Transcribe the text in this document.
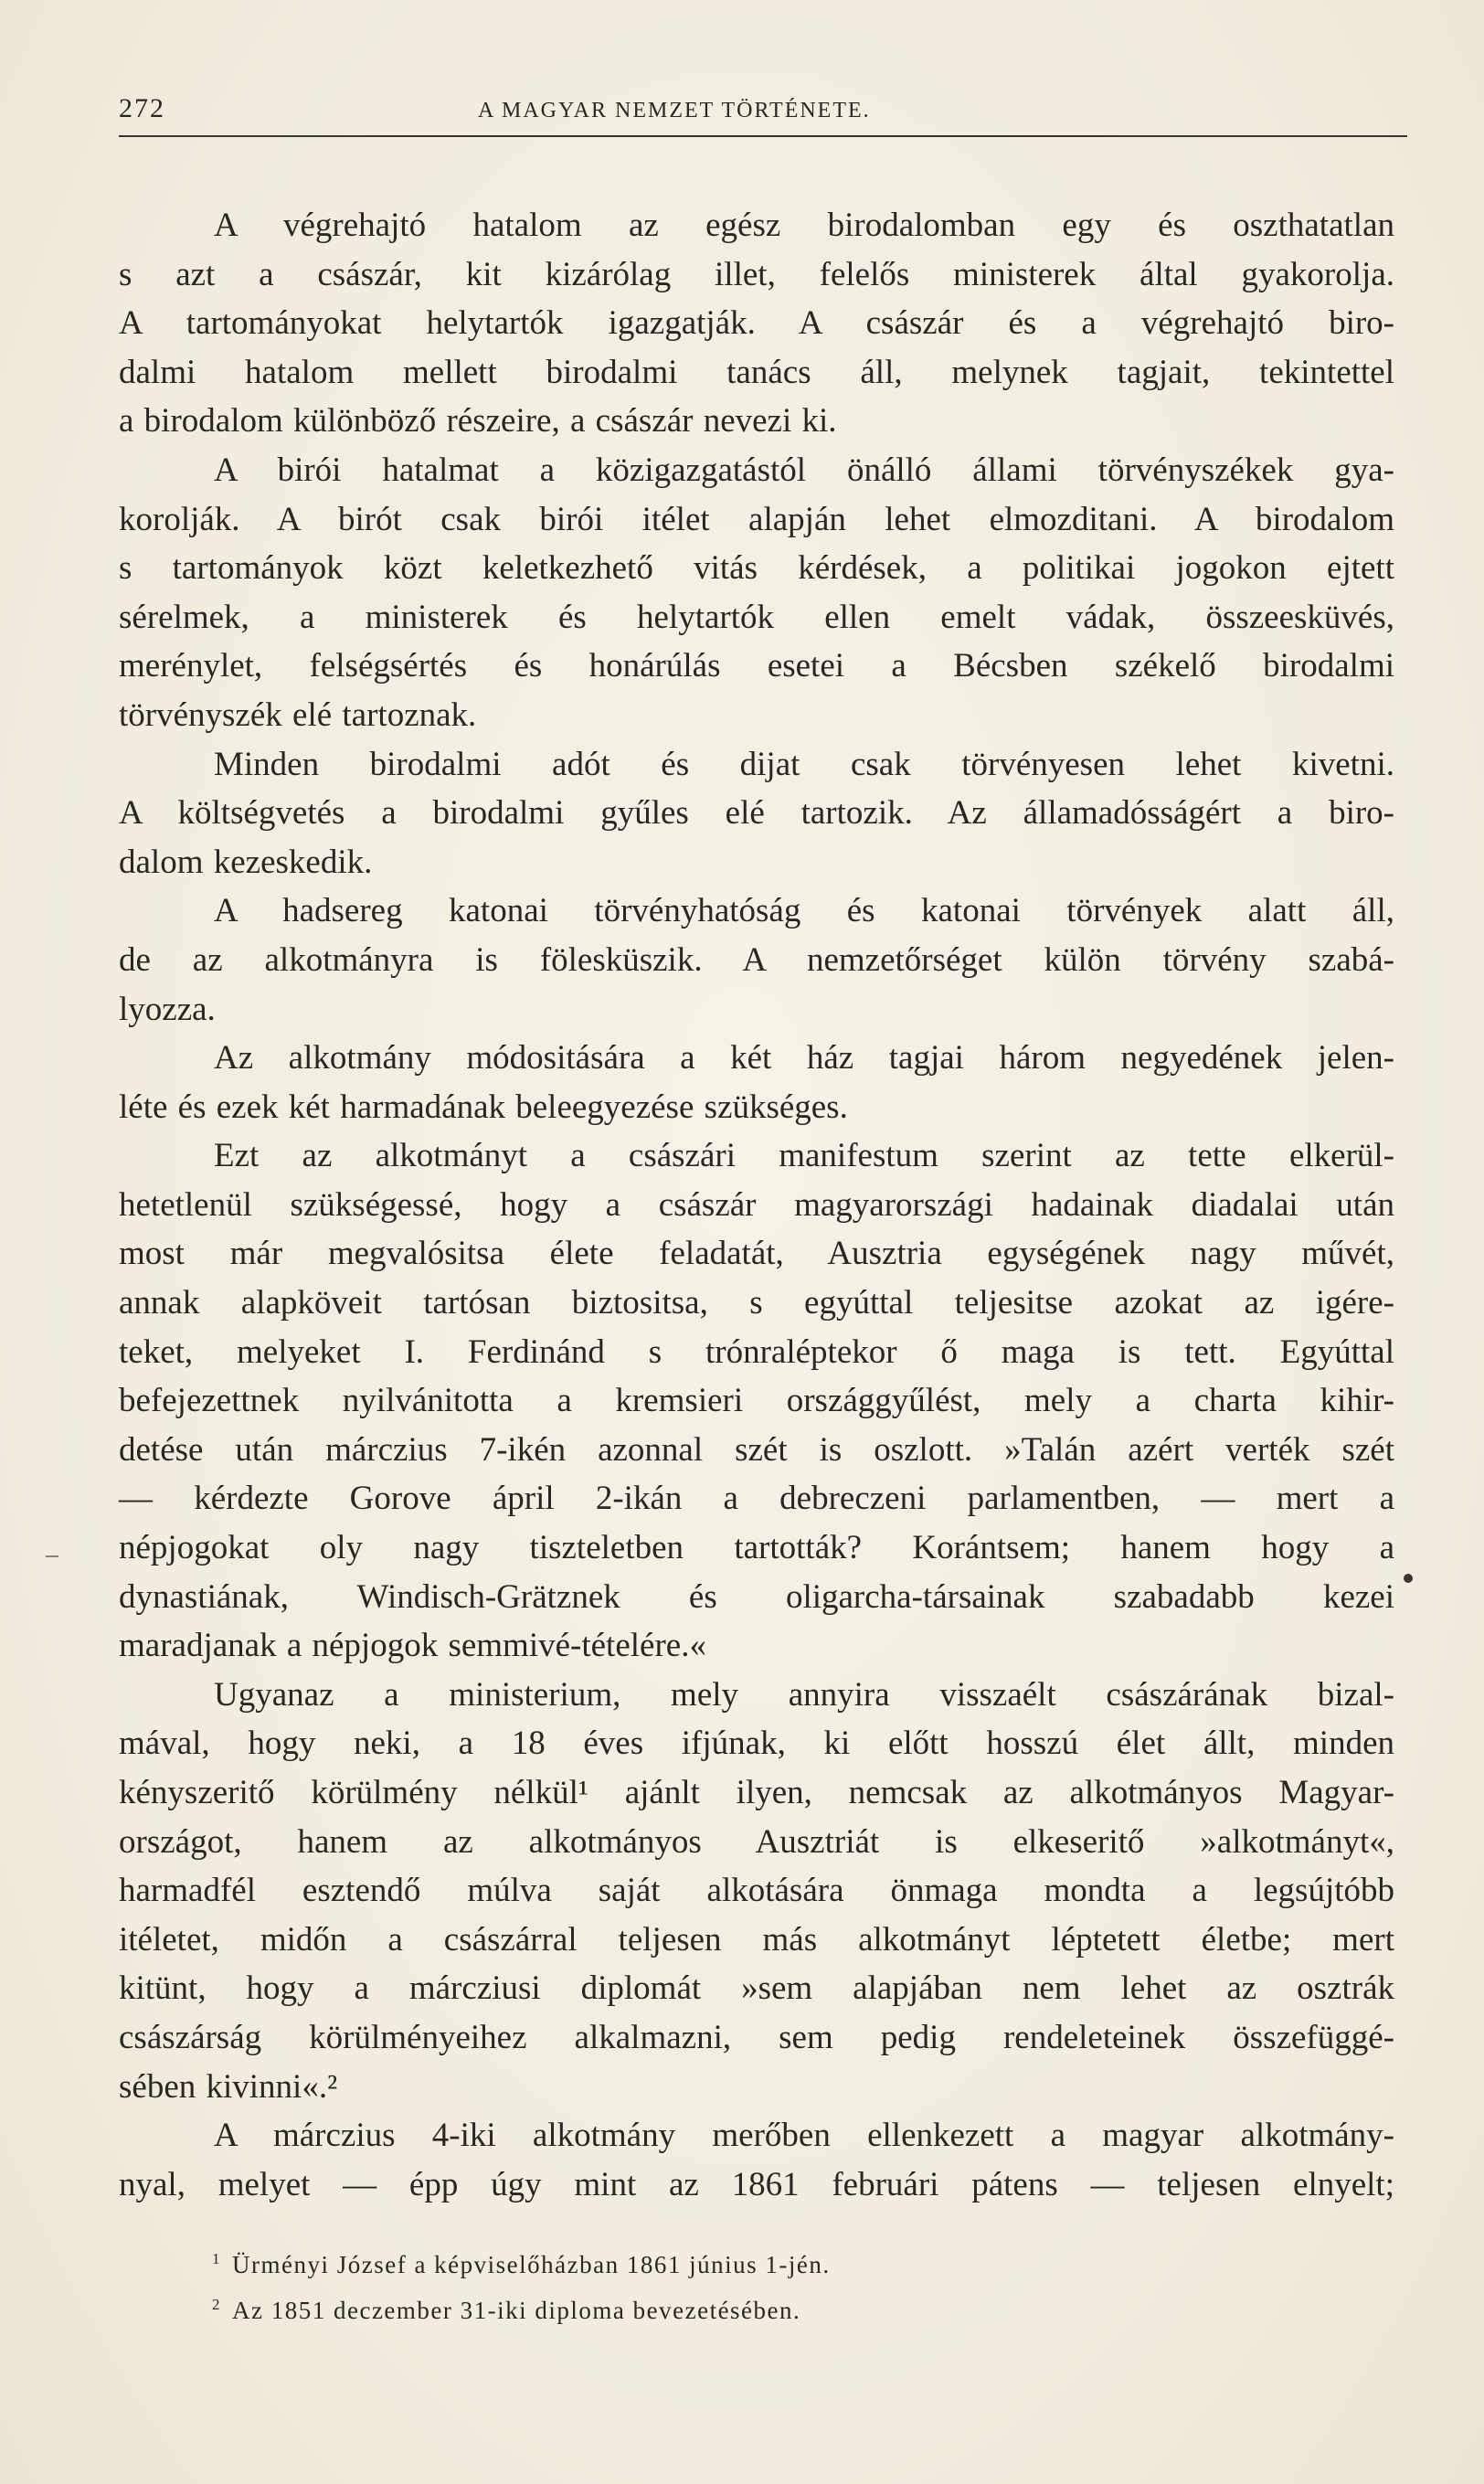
272	A MAGYAR NEMZET TÖRTÉNETE.
A végrehajtó hatalom az egész birodalomban egy és oszthatatlan
s azt a császár, kit kizárólag illet, felelős ministerek által gyakorolja.
A tartományokat helytartók igazgatják. A császár és a végrehajtó biro-
dalmi hatalom mellett birodalmi tanács áll, melynek tagjait, tekintettel
a birodalom különböző részeire, a császár nevezi ki.
A birói hatalmat a közigazgatástól önálló állami törvényszékek gya-
korolják. A birót csak birói itélet alapján lehet elmozditani. A birodalom
s tartományok közt keletkezhető vitás kérdések, a politikai jogokon ejtett
sérelmek, a ministerek és helytartók ellen emelt vádak, összeesküvés,
merénylet, felségsértés és honárúlás esetei a Bécsben székelő birodalmi
törvényszék elé tartoznak.
Minden birodalmi adót és dijat csak törvényesen lehet kivetni.
A költségvetés a birodalmi gyűles elé tartozik. Az államadósságért a biro-
dalom kezeskedik.
A hadsereg katonai törvényhatóság és katonai törvények alatt áll,
de az alkotmányra is fölesküszik. A nemzetőrséget külön törvény szabá-
lyozza.
Az alkotmány módositására a két ház tagjai három negyedének jelen-
léte és ezek két harmadának beleegyezése szükséges.
Ezt az alkotmányt a császári manifestum szerint az tette elkerül-
hetetlenül szükségessé, hogy a császár magyarországi hadainak diadalai után
most már megvalósitsa élete feladatát, Ausztria egységének nagy művét,
annak alapköveit tartósan biztositsa, s egyúttal teljesitse azokat az igére-
teket, melyeket I. Ferdinánd s trónraléptekor ő maga is tett. Egyúttal
befejezettnek nyilvánitotta a kremsieri országgyűlést, mely a charta kihir-
detése után márczius 7-ikén azonnal szét is oszlott. »Talán azért verték szét
— kérdezte Gorove ápril 2-ikán a debreczeni parlamentben, — mert a
népjogokat oly nagy tiszteletben tartották? Korántsem; hanem hogy a
dynastiának, Windisch-Grätznek és oligarcha-társainak szabadabb kezei
maradjanak a népjogok semmivé-tételére.«
Ugyanaz a ministerium, mely annyira visszaélt császárának bizal-
mával, hogy neki, a 18 éves ifjúnak, ki előtt hosszú élet állt, minden
kényszeritő körülmény nélkül¹ ajánlt ilyen, nemcsak az alkotmányos Magyar-
országot, hanem az alkotmányos Ausztriát is elkeseritő »alkotmányt«,
harmadfél esztendő múlva saját alkotására önmaga mondta a legsújtóbb
itéletet, midőn a császárral teljesen más alkotmányt léptetett életbe; mert
kitünt, hogy a márcziusi diplomát »sem alapjában nem lehet az osztrák
császárság körülményeihez alkalmazni, sem pedig rendeleteinek összefüggé-
sében kivinni«.²
A márczius 4-iki alkotmány merőben ellenkezett a magyar alkotmány-
nyal, melyet — épp úgy mint az 1861 februári pátens — teljesen elnyelt;
$^1$ Ürményi József a képviselőházban 1861 június 1-jén.
$^2$ Az 1851 deczember 31-iki diploma bevezetésében.
